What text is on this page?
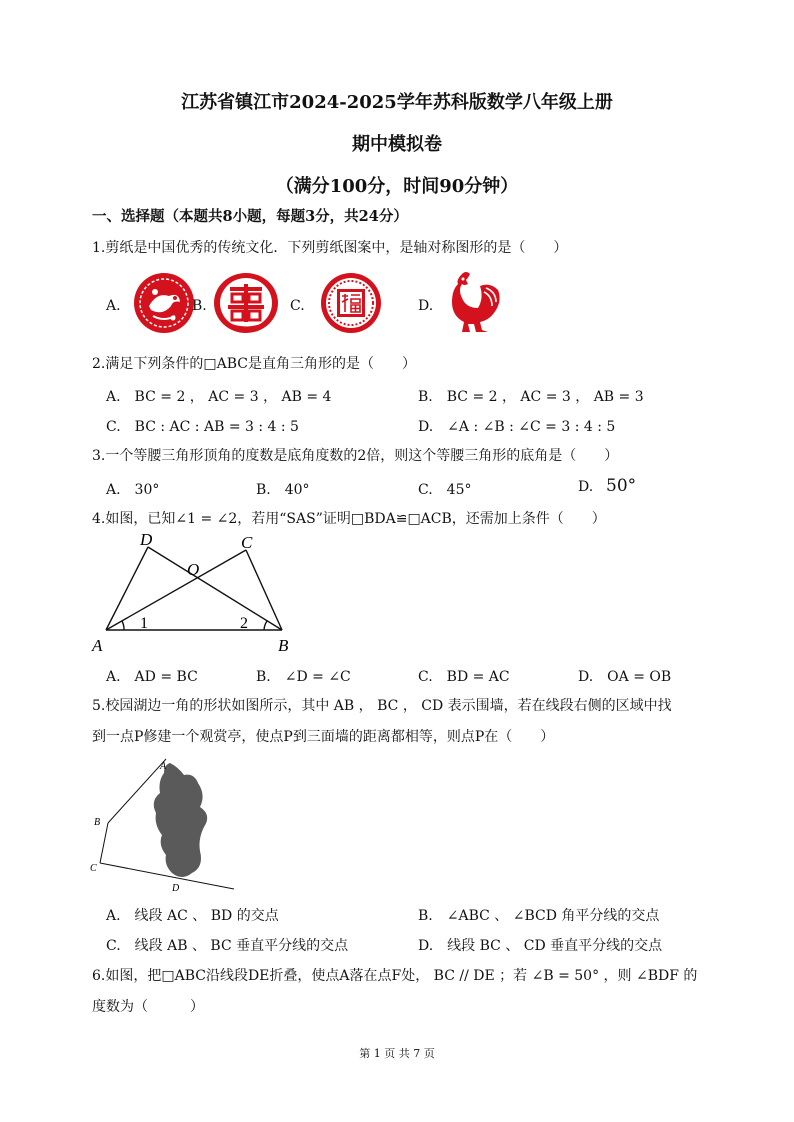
江苏省镇江市2024-2025学年苏科版数学八年级上册
期中模拟卷
（满分100分，时间90分钟）
一、选择题（本题共8小题，每题3分，共24分）
1.剪纸是中国优秀的传统文化．下列剪纸图案中，是轴对称图形的是（　　）
A.	B.	C.	D.
2.满足下列条件的□ABC是直角三角形的是（　　）
A.　BC = 2 ， AC = 3 ， AB = 4	B.　BC = 2 ， AC = 3 ， AB = 3
C.　BC : AC : AB = 3 : 4 : 5	D.　∠A : ∠B : ∠C = 3 : 4 : 5
3.一个等腰三角形顶角的度数是底角度数的2倍，则这个等腰三角形的底角是（　　）
A.　30°	B.　40°	C.　45°	D. 50°
4.如图，已知∠1 = ∠2，若用“SAS”证明□BDA≌□ACB，还需加上条件（　　）
A	B
D	C
O
1	2
A.　AD = BC	B.　∠D = ∠C	C.　BD = AC	D.　OA = OB
5.校园湖边一角的形状如图所示，其中 AB ， BC ， CD 表示围墙，若在线段右侧的区域中找
到一点P修建一个观赏亭，使点P到三面墙的距离都相等，则点P在（　　）
A
B
C
D
A.　线段 AC 、 BD 的交点	B.　∠ABC 、 ∠BCD 角平分线的交点
C.　线段 AB 、 BC 垂直平分线的交点	D.　线段 BC 、 CD 垂直平分线的交点
6.如图，把□ABC沿线段DE折叠，使点A落在点F处， BC // DE ；若 ∠B = 50° ，则 ∠BDF 的
度数为（　　　）
第 1 页 共 7 页
